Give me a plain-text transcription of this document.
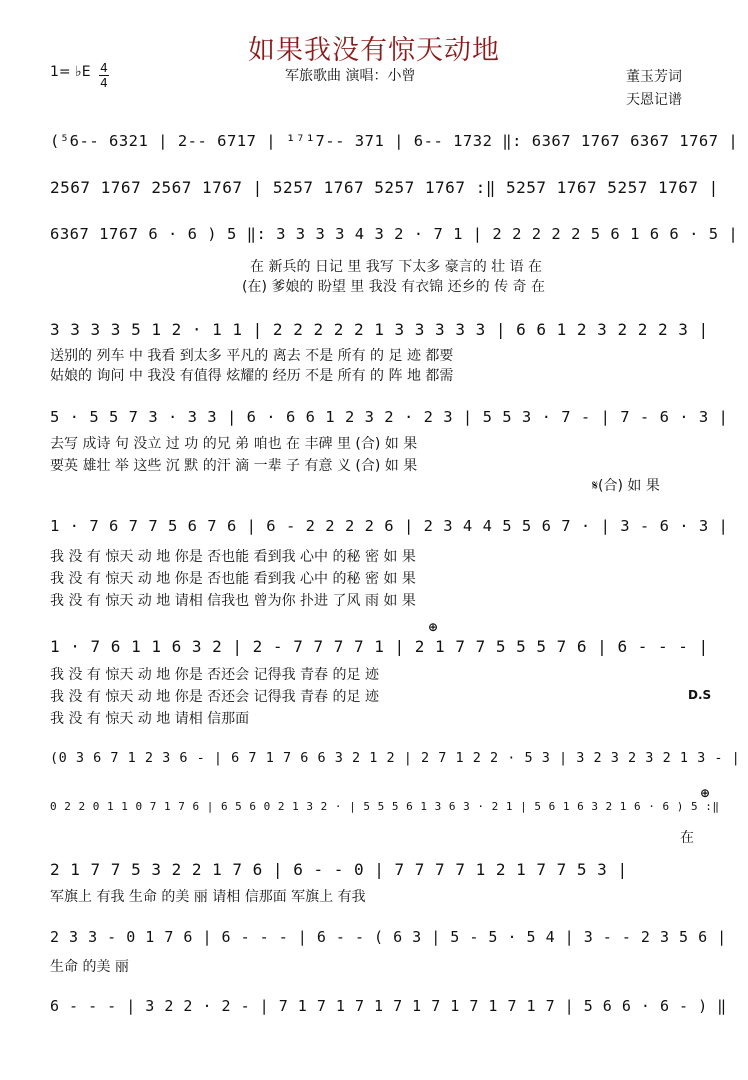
如果我没有惊天动地
1= ♭E 4
4	军旅歌曲 演唱：小曾	董玉芳词
天恩记谱
(⁵6-- 6321 | 2-- 6717 | ¹⁷¹7-- 371 | 6-- 1732 ‖: 6367 1767 6367 1767 |
2567 1767 2567 1767 | 5257 1767 5257 1767 :‖ 5257 1767 5257 1767 |
6367 1767 6 · 6 ) 5 ‖: 3 3 3 3 4 3 2 · 7 1 | 2 2 2 2 2 5 6 1 6 6 · 5 |
在 新兵的 日记 里 我写 下太多 豪言的 壮 语 在
(在) 爹娘的 盼望 里 我没 有衣锦 还乡的 传 奇 在
3 3 3 3 5 1 2 · 1 1 | 2 2 2 2 2 1 3 3 3 3 3 | 6 6 1 2 3 2 2 2 3 |
送别的 列车 中 我看 到太多 平凡的 离去 不是 所有 的 足 迹 都要
姑娘的 询问 中 我没 有值得 炫耀的 经历 不是 所有 的 阵 地 都需
5 · 5 5 7 3 · 3 3 | 6 · 6 6 1 2 3 2 · 2 3 | 5 5 3 · 7 - | 7 - 6 · 3 |
去写 成诗 句 没立 过 功 的兄 弟 咱也 在 丰碑 里 (合) 如 果
要英 雄壮 举 这些 沉 默 的汗 滴 一辈 子 有意 义 (合) 如 果
𝄋(合) 如 果
1 · 7 6 7 7 5 6 7 6 | 6 - 2 2 2 2 6 | 2 3 4 4 5 5 6 7 · | 3 - 6 · 3 |
我 没 有 惊天 动 地 你是 否也能 看到我 心中 的秘 密 如 果
我 没 有 惊天 动 地 你是 否也能 看到我 心中 的秘 密 如 果
我 没 有 惊天 动 地 请相 信我也 曾为你 扑进 了风 雨 如 果
⊕
1 · 7 6 1 1 6 3 2 | 2 - 7 7 7 7 1 | 2 1 7 7 5 5 5 7 6 | 6 - - - |
我 没 有 惊天 动 地 你是 否还会 记得我 青春 的足 迹
我 没 有 惊天 动 地 你是 否还会 记得我 青春 的足 迹
我 没 有 惊天 动 地 请相 信那面
D.S
(0 3 6 7 1 2 3 6 - | 6 7 1 7 6 6 3 2 1 2 | 2 7 1 2 2 · 5 3 | 3 2 3 2 3 2 1 3 - |
⊕
0 2 2 0 1 1 0 7 1 7 6 | 6 5 6 0 2 1 3 2 · | 5 5 5 6 1 3 6 3 · 2 1 | 5 6 1 6 3 2 1 6 · 6 ) 5 :‖
在
2 1 7 7 5 3 2 2 1 7 6 | 6 - - 0 | 7 7 7 7 1 2 1 7 7 5 3 |
军旗上 有我 生命 的美 丽 请相 信那面 军旗上 有我
2 3 3 - 0 1 7 6 | 6 - - - | 6 - - ( 6 3 | 5 - 5 · 5 4 | 3 - - 2 3 5 6 |
生命 的美 丽
6 - - - | 3 2 2 · 2 - | 7 1 7 1 7 1 7 1 7 1 7 1 7 1 7 | 5 6 6 · 6 - ) ‖
